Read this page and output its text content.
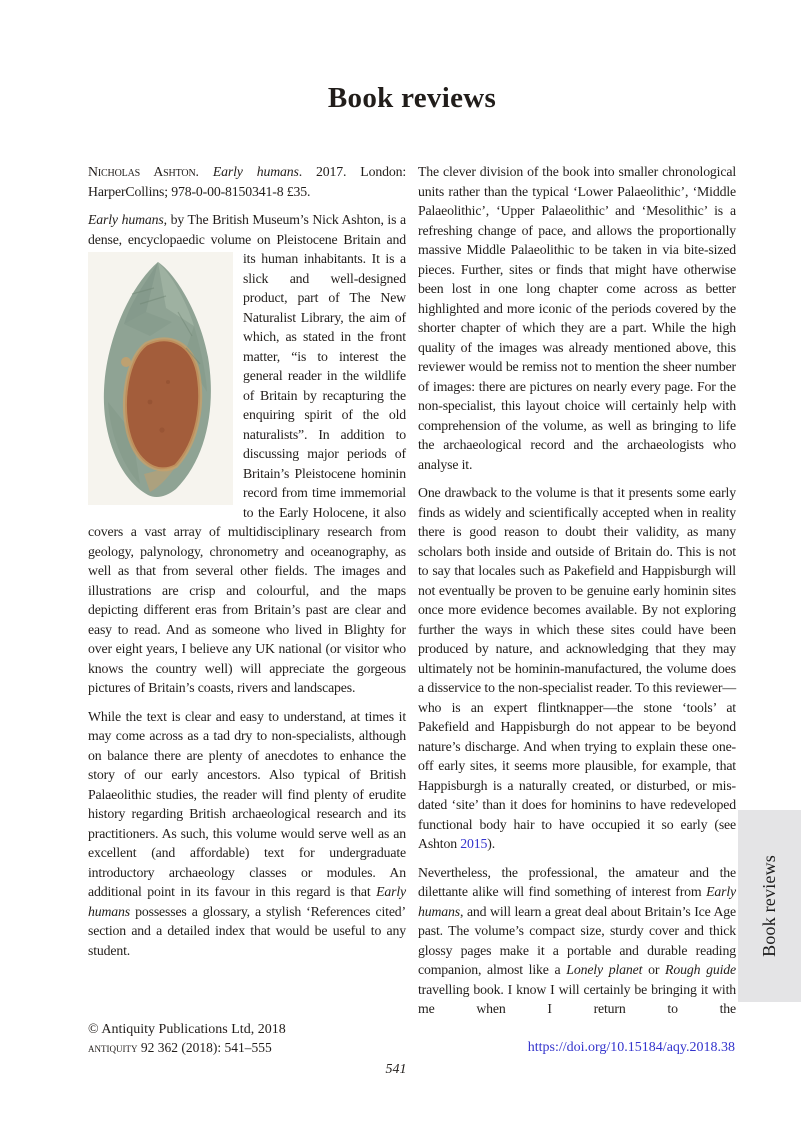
Book reviews

Nicholas Ashton. Early humans. 2017. London: HarperCollins; 978-0-00-8150341-8 £35.

Early humans, by The British Museum’s Nick Ashton, is a dense, encyclopaedic volume on Pleistocene
Britain and its human inhabitants. It is a slick and well-designed product, part of The New Naturalist Library, the aim of which, as stated in the front matter, “is to interest the general reader in the wildlife of Britain by recapturing the enquiring spirit of the old naturalists”. In addition to discussing major periods of Britain’s Pleistocene hominin record from time immemorial to the Early Holocene, it also covers a vast array of multidisciplinary research from geology, palynology, chronometry and oceanography, as well as that from several other fields. The images and illustrations are crisp and colourful, and the maps depicting different eras from Britain’s past are clear and easy to read. And as someone who lived in Blighty for over eight years, I believe any UK national (or visitor who knows the country well) will appreciate the gorgeous pictures of Britain’s coasts, rivers and landscapes.

While the text is clear and easy to understand, at times it may come across as a tad dry to non-specialists, although on balance there are plenty of anecdotes to enhance the story of our early ancestors. Also typical of British Palaeolithic studies, the reader will find plenty of erudite history regarding British archaeological research and its practitioners. As such, this volume would serve well as an excellent (and affordable) text for undergraduate introductory archaeology classes or modules. An additional point in its favour in this regard is that Early humans possesses a glossary, a stylish ‘References cited’ section and a detailed index that would be useful to any student.

The clever division of the book into smaller chronological units rather than the typical ‘Lower Palaeolithic’, ‘Middle Palaeolithic’, ‘Upper Palaeolithic’ and ‘Mesolithic’ is a refreshing change of pace, and allows the proportionally massive Middle Palaeolithic to be taken in via bite-sized pieces. Further, sites or finds that might have otherwise been lost in one long chapter come across as better highlighted and more iconic of the periods covered by the shorter chapter of which they are a part. While the high quality of the images was already mentioned above, this reviewer would be remiss not to mention the sheer number of images: there are pictures on nearly every page. For the non-specialist, this layout choice will certainly help with comprehension of the volume, as well as bringing to life the archaeological record and the archaeologists who analyse it.

One drawback to the volume is that it presents some early finds as widely and scientifically accepted when in reality there is good reason to doubt their validity, as many scholars both inside and outside of Britain do. This is not to say that locales such as Pakefield and Happisburgh will not eventually be proven to be genuine early hominin sites once more evidence becomes available. By not exploring further the ways in which these sites could have been produced by nature, and acknowledging that they may ultimately not be hominin-manufactured, the volume does a disservice to the non-specialist reader. To this reviewer—who is an expert flintknapper—the stone ‘tools’ at Pakefield and Happisburgh do not appear to be beyond nature’s discharge. And when trying to explain these one-off early sites, it seems more plausible, for example, that Happisburgh is a naturally created, or disturbed, or mis-dated ‘site’ than it does for hominins to have redeveloped functional body hair to have occupied it so early (see Ashton 2015).

Nevertheless, the professional, the amateur and the dilettante alike will find something of interest from Early humans, and will learn a great deal about Britain’s Ice Age past. The volume’s compact size, sturdy cover and thick glossy pages make it a portable and durable reading companion, almost like a Lonely planet or Rough guide travelling book. I know I will certainly be bringing it with me when I return to the

© Antiquity Publications Ltd, 2018
antiquity 92 362 (2018): 541–555	https://doi.org/10.15184/aqy.2018.38
541
Book reviews
